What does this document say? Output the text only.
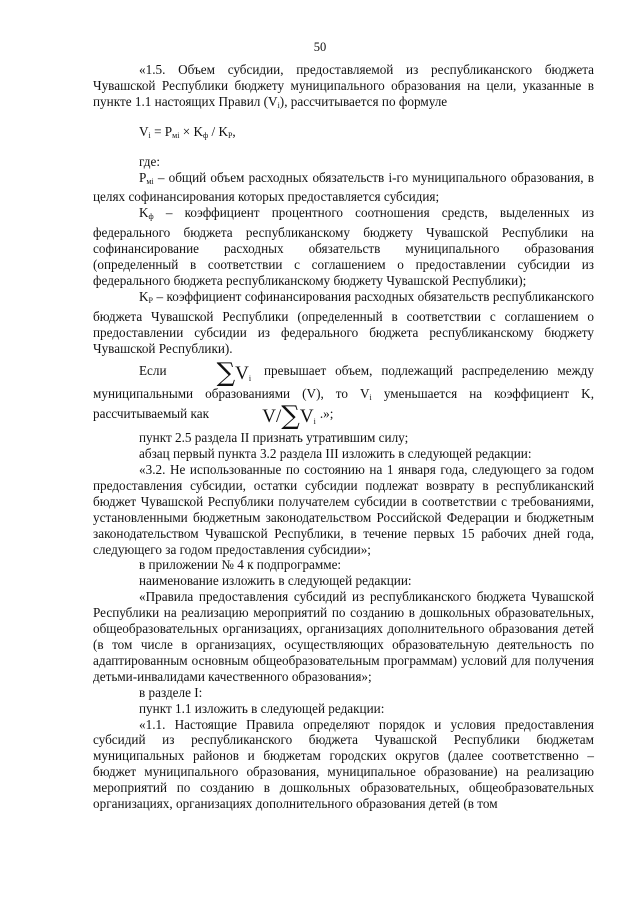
50

«1.5. Объем субсидии, предоставляемой из республиканского бюджета Чувашской Республики бюджету муниципального образования на цели, указанные в пункте 1.1 настоящих Правил $(V_i)$, рассчитывается по формуле

$V_i = P_{мi} \times K_ф / K_P$,

где:

$P_{мi}$ – общий объем расходных обязательств i-го муниципального образования, в целях софинансирования которых предоставляется субсидия;

$K_ф$ – коэффициент процентного соотношения средств, выделенных из федерального бюджета республиканскому бюджету Чувашской Республики на софинансирование расходных обязательств муниципального образования (определенный в соответствии с соглашением о предоставлении субсидии из федерального бюджета республиканскому бюджету Чувашской Республики);

$K_P$ – коэффициент софинансирования расходных обязательств республиканского бюджета Чувашской Республики (определенный в соответствии с соглашением о предоставлении субсидии из федерального бюджета республиканскому бюджету Чувашской Республики).

Если $\sum V_i$ превышает объем, подлежащий распределению между муниципальными образованиями (V), то $V_i$ уменьшается на коэффициент K, рассчитываемый как	$V/\sum V_i$.»;

пункт 2.5 раздела II признать утратившим силу;

абзац первый пункта 3.2 раздела III изложить в следующей редакции:

«3.2. Не использованные по состоянию на 1 января года, следующего за годом предоставления субсидии, остатки субсидии подлежат возврату в республиканский бюджет Чувашской Республики получателем субсидии в соответствии с требованиями, установленными бюджетным законодательством Российской Федерации и бюджетным законодательством Чувашской Республики, в течение первых 15 рабочих дней года, следующего за годом предоставления субсидии»;

в приложении № 4 к подпрограмме:

наименование изложить в следующей редакции:

«Правила предоставления субсидий из республиканского бюджета Чувашской Республики на реализацию мероприятий по созданию в дошкольных образовательных, общеобразовательных организациях, организациях дополнительного образования детей (в том числе в организациях, осуществляющих образовательную деятельность по адаптированным основным общеобразовательным программам) условий для получения детьми-инвалидами качественного образования»;

в разделе I:

пункт 1.1 изложить в следующей редакции:

«1.1. Настоящие Правила определяют порядок и условия предоставления субсидий из республиканского бюджета Чувашской Республики бюджетам муниципальных районов и бюджетам городских округов (далее соответственно – бюджет муниципального образования, муниципальное образование) на реализацию мероприятий по созданию в дошкольных образовательных, общеобразовательных организациях, организациях дополнительного образования детей (в том
